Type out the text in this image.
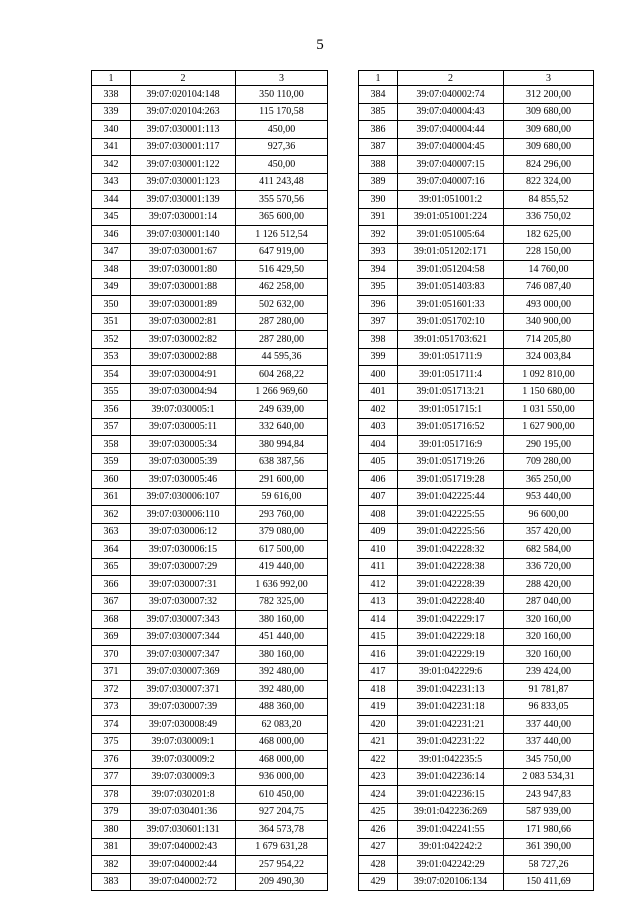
5
1	2	3
338	39:07:020104:148	350 110,00
339	39:07:020104:263	115 170,58
340	39:07:030001:113	450,00
341	39:07:030001:117	927,36
342	39:07:030001:122	450,00
343	39:07:030001:123	411 243,48
344	39:07:030001:139	355 570,56
345	39:07:030001:14	365 600,00
346	39:07:030001:140	1 126 512,54
347	39:07:030001:67	647 919,00
348	39:07:030001:80	516 429,50
349	39:07:030001:88	462 258,00
350	39:07:030001:89	502 632,00
351	39:07:030002:81	287 280,00
352	39:07:030002:82	287 280,00
353	39:07:030002:88	44 595,36
354	39:07:030004:91	604 268,22
355	39:07:030004:94	1 266 969,60
356	39:07:030005:1	249 639,00
357	39:07:030005:11	332 640,00
358	39:07:030005:34	380 994,84
359	39:07:030005:39	638 387,56
360	39:07:030005:46	291 600,00
361	39:07:030006:107	59 616,00
362	39:07:030006:110	293 760,00
363	39:07:030006:12	379 080,00
364	39:07:030006:15	617 500,00
365	39:07:030007:29	419 440,00
366	39:07:030007:31	1 636 992,00
367	39:07:030007:32	782 325,00
368	39:07:030007:343	380 160,00
369	39:07:030007:344	451 440,00
370	39:07:030007:347	380 160,00
371	39:07:030007:369	392 480,00
372	39:07:030007:371	392 480,00
373	39:07:030007:39	488 360,00
374	39:07:030008:49	62 083,20
375	39:07:030009:1	468 000,00
376	39:07:030009:2	468 000,00
377	39:07:030009:3	936 000,00
378	39:07:030201:8	610 450,00
379	39:07:030401:36	927 204,75
380	39:07:030601:131	364 573,78
381	39:07:040002:43	1 679 631,28
382	39:07:040002:44	257 954,22
383	39:07:040002:72	209 490,30
1	2	3
384	39:07:040002:74	312 200,00
385	39:07:040004:43	309 680,00
386	39:07:040004:44	309 680,00
387	39:07:040004:45	309 680,00
388	39:07:040007:15	824 296,00
389	39:07:040007:16	822 324,00
390	39:01:051001:2	84 855,52
391	39:01:051001:224	336 750,02
392	39:01:051005:64	182 625,00
393	39:01:051202:171	228 150,00
394	39:01:051204:58	14 760,00
395	39:01:051403:83	746 087,40
396	39:01:051601:33	493 000,00
397	39:01:051702:10	340 900,00
398	39:01:051703:621	714 205,80
399	39:01:051711:9	324 003,84
400	39:01:051711:4	1 092 810,00
401	39:01:051713:21	1 150 680,00
402	39:01:051715:1	1 031 550,00
403	39:01:051716:52	1 627 900,00
404	39:01:051716:9	290 195,00
405	39:01:051719:26	709 280,00
406	39:01:051719:28	365 250,00
407	39:01:042225:44	953 440,00
408	39:01:042225:55	96 600,00
409	39:01:042225:56	357 420,00
410	39:01:042228:32	682 584,00
411	39:01:042228:38	336 720,00
412	39:01:042228:39	288 420,00
413	39:01:042228:40	287 040,00
414	39:01:042229:17	320 160,00
415	39:01:042229:18	320 160,00
416	39:01:042229:19	320 160,00
417	39:01:042229:6	239 424,00
418	39:01:042231:13	91 781,87
419	39:01:042231:18	96 833,05
420	39:01:042231:21	337 440,00
421	39:01:042231:22	337 440,00
422	39:01:042235:5	345 750,00
423	39:01:042236:14	2 083 534,31
424	39:01:042236:15	243 947,83
425	39:01:042236:269	587 939,00
426	39:01:042241:55	171 980,66
427	39:01:042242:2	361 390,00
428	39:01:042242:29	58 727,26
429	39:07:020106:134	150 411,69
